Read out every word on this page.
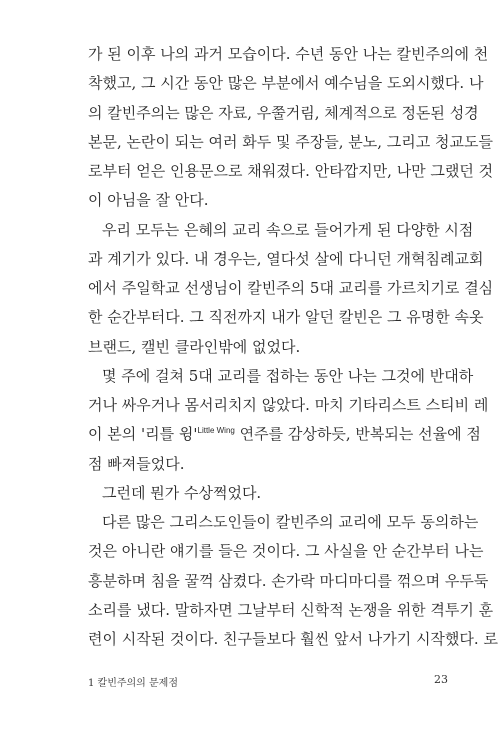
가 된 이후 나의 과거 모습이다. 수년 동안 나는 칼빈주의에 천
착했고, 그 시간 동안 많은 부분에서 예수님을 도외시했다. 나
의 칼빈주의는 많은 자료, 우쭐거림, 체계적으로 정돈된 성경
본문, 논란이 되는 여러 화두 및 주장들, 분노, 그리고 청교도들
로부터 얻은 인용문으로 채워졌다. 안타깝지만, 나만 그랬던 것
이 아님을 잘 안다.
우리 모두는 은혜의 교리 속으로 들어가게 된 다양한 시점
과 계기가 있다. 내 경우는, 열다섯 살에 다니던 개혁침례교회
에서 주일학교 선생님이 칼빈주의 5대 교리를 가르치기로 결심
한 순간부터다. 그 직전까지 내가 알던 칼빈은 그 유명한 속옷
브랜드, 캘빈 클라인밖에 없었다.
몇 주에 걸쳐 5대 교리를 접하는 동안 나는 그것에 반대하
거나 싸우거나 몸서리치지 않았다. 마치 기타리스트 스티비 레
이 본의 '리틀 윙'$^{Little Wing}$ 연주를 감상하듯, 반복되는 선율에 점
점 빠져들었다.
그런데 뭔가 수상쩍었다.
다른 많은 그리스도인들이 칼빈주의 교리에 모두 동의하는
것은 아니란 얘기를 들은 것이다. 그 사실을 안 순간부터 나는
흥분하며 침을 꿀꺽 삼켰다. 손가락 마디마디를 꺾으며 우두둑
소리를 냈다. 말하자면 그날부터 신학적 논쟁을 위한 격투기 훈
련이 시작된 것이다. 친구들보다 훨씬 앞서 나가기 시작했다. 로
1 칼빈주의의 문제점	23
